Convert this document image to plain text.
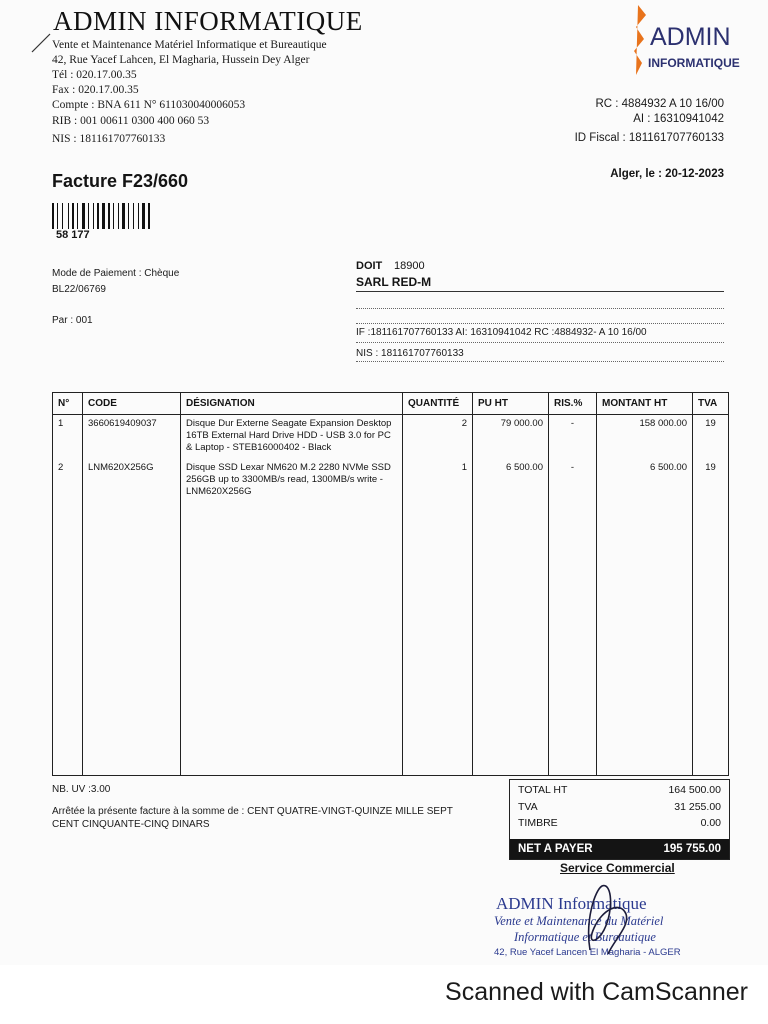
ADMIN INFORMATIQUE
Vente et Maintenance Matériel Informatique et Bureautique
42, Rue Yacef Lahcen, El Magharia, Hussein Dey Alger
Tél : 020.17.00.35
Fax : 020.17.00.35
Compte : BNA 611 N° 611030040006053
RIB : 001 00611 0300 400 060 53
NIS : 181161707760133
ADMIN
INFORMATIQUE
RC : 4884932 A 10 16/00
AI : 16310941042
ID Fiscal : 181161707760133
Facture F23/660	Alger, le : 20-12-2023
58 177
Mode de Paiement : Chèque
BL22/06769
Par : 001
DOIT 18900
SARL RED-M
IF :181161707760133 AI: 16310941042 RC :4884932- A 10 16/00
NIS : 181161707760133
N°	CODE	DÉSIGNATION	QUANTITÉ	PU HT	RIS.%	MONTANT HT	TVA
1	3660619409037	Disque Dur Externe Seagate Expansion Desktop 16TB External Hard Drive HDD - USB 3.0 for PC & Laptop - STEB16000402 - Black	2	79 000.00	-	158 000.00	19
2	LNM620X256G	Disque SSD Lexar NM620 M.2 2280 NVMe SSD 256GB up to 3300MB/s read, 1300MB/s write - LNM620X256G	1	6 500.00	-	6 500.00	19

NB. UV :3.00
Arrêtée la présente facture à la somme de : CENT QUATRE-VINGT-QUINZE MILLE SEPT
CENT CINQUANTE-CINQ DINARS
TOTAL HT	164 500.00
TVA	31 255.00
TIMBRE	0.00
NET A PAYER	195 755.00
Service Commercial
ADMIN Informatique
Vente et Maintenance du Matériel
Informatique et Bureautique
42, Rue Yacef Lancen El Magharia - ALGER
Scanned with CamScanner
